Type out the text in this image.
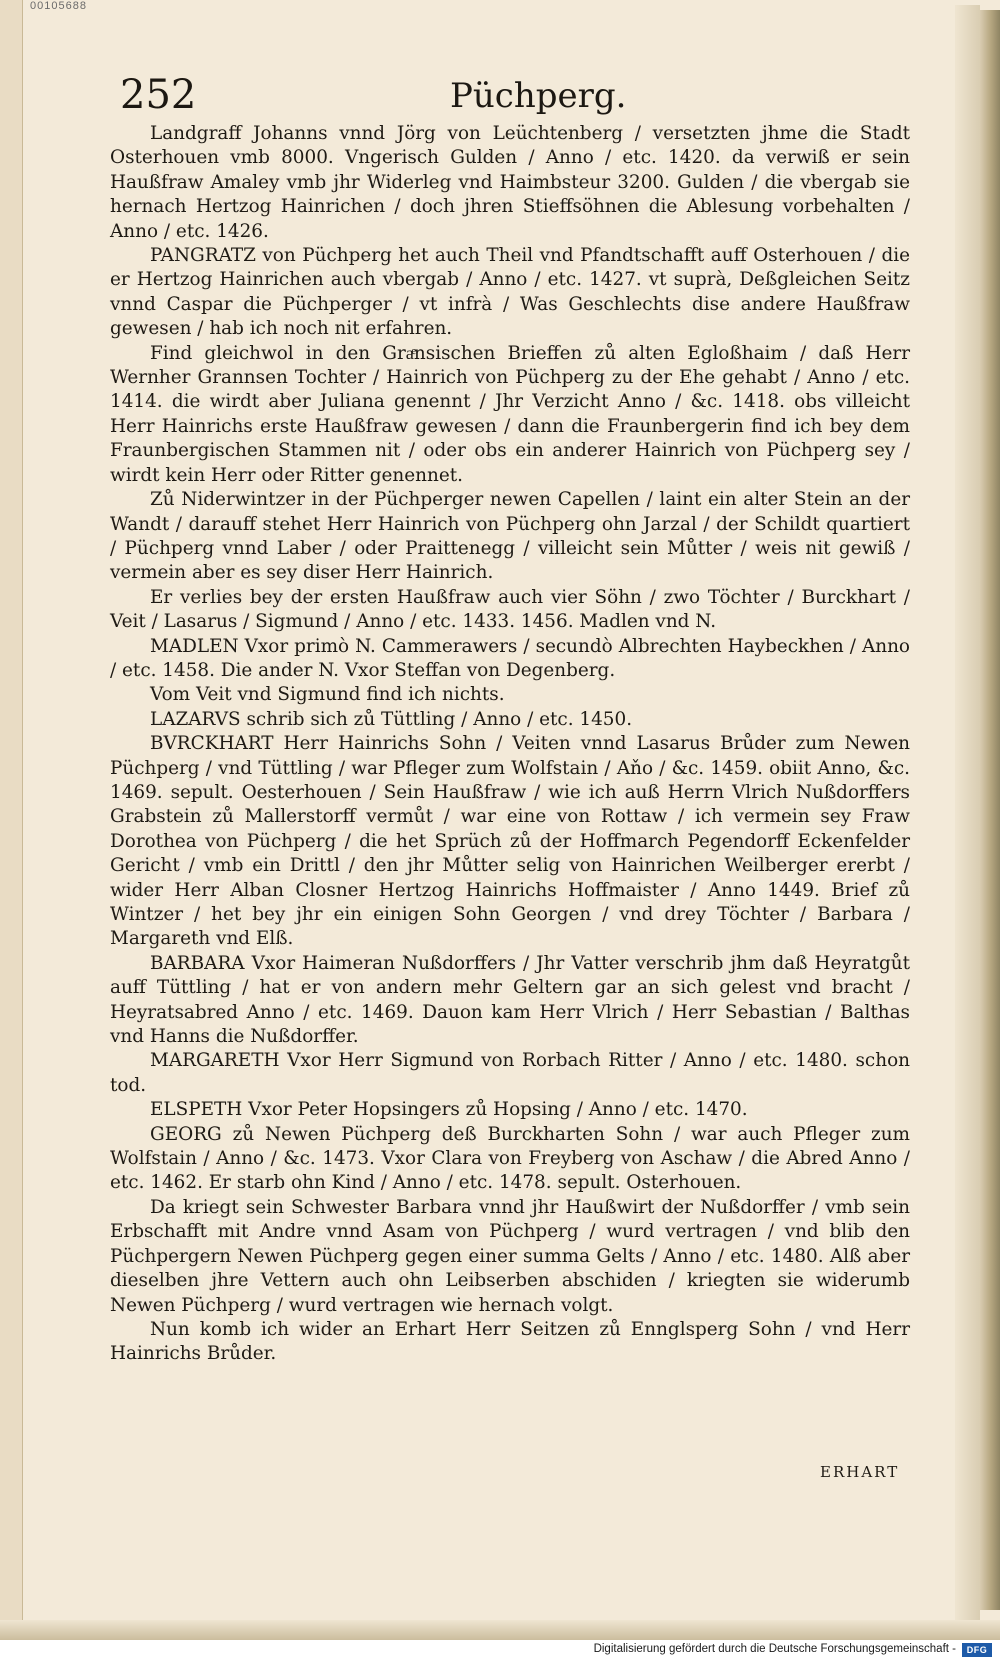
00105688
252	Püchperg.

Landgraff Johanns vnnd Jörg von Leüchtenberg / versetzten jhme die Stadt Osterhouen vmb 8000. Vngerisch Gulden / Anno / etc. 1420. da verwiß er sein Haußfraw Amaley vmb jhr Widerleg vnd Haimbsteur 3200. Gulden / die vbergab sie hernach Hertzog Hainrichen / doch jhren Stieffsöhnen die Ablesung vorbehalten / Anno / etc. 1426.

PANGRATZ von Püchperg het auch Theil vnd Pfandtschafft auff Osterhouen / die er Hertzog Hainrichen auch vbergab / Anno / etc. 1427. vt suprà, Deßgleichen Seitz vnnd Caspar die Püchperger / vt infrà / Was Geschlechts dise andere Haußfraw gewesen / hab ich noch nit erfahren.

Find gleichwol in den Graͤnsischen Brieffen zů alten Egloßhaim / daß Herr Wernher Grannsen Tochter / Hainrich von Püchperg zu der Ehe gehabt / Anno / etc. 1414. die wirdt aber Juliana genennt / Jhr Verzicht Anno / &c. 1418. obs villeicht Herr Hainrichs erste Haußfraw gewesen / dann die Fraunbergerin find ich bey dem Fraunbergischen Stammen nit / oder obs ein anderer Hainrich von Püchperg sey / wirdt kein Herr oder Ritter genennet.

Zů Niderwintzer in der Püchperger newen Capellen / laint ein alter Stein an der Wandt / darauff stehet Herr Hainrich von Püchperg ohn Jarzal / der Schildt quartiert / Püchperg vnnd Laber / oder Praittenegg / villeicht sein Můtter / weis nit gewiß / vermein aber es sey diser Herr Hainrich.

Er verlies bey der ersten Haußfraw auch vier Söhn / zwo Töchter / Burckhart / Veit / Lasarus / Sigmund / Anno / etc. 1433. 1456. Madlen vnd N.

MADLEN Vxor primò N. Cammerawers / secundò Albrechten Haybeckhen / Anno / etc. 1458. Die ander N. Vxor Steffan von Degenberg.

Vom Veit vnd Sigmund find ich nichts.

LAZARVS schrib sich zů Tüttling / Anno / etc. 1450.

BVRCKHART Herr Hainrichs Sohn / Veiten vnnd Lasarus Brůder zum Newen Püchperg / vnd Tüttling / war Pfleger zum Wolfstain / Aňo / &c. 1459. obiit Anno, &c. 1469. sepult. Oesterhouen / Sein Haußfraw / wie ich auß Herrn Vlrich Nußdorffers Grabstein zů Mallerstorff vermůt / war eine von Rottaw / ich vermein sey Fraw Dorothea von Püchperg / die het Sprüch zů der Hoffmarch Pegendorff Eckenfelder Gericht / vmb ein Drittl / den jhr Můtter selig von Hainrichen Weilberger ererbt / wider Herr Alban Closner Hertzog Hainrichs Hoffmaister / Anno 1449. Brief zů Wintzer / het bey jhr ein einigen Sohn Georgen / vnd drey Töchter / Barbara / Margareth vnd Elß.

BARBARA Vxor Haimeran Nußdorffers / Jhr Vatter verschrib jhm daß Heyratgůt auff Tüttling / hat er von andern mehr Geltern gar an sich gelest vnd bracht / Heyratsabred Anno / etc. 1469. Dauon kam Herr Vlrich / Herr Sebastian / Balthas vnd Hanns die Nußdorffer.

MARGARETH Vxor Herr Sigmund von Rorbach Ritter / Anno / etc. 1480. schon tod.

ELSPETH Vxor Peter Hopsingers zů Hopsing / Anno / etc. 1470.

GEORG zů Newen Püchperg deß Burckharten Sohn / war auch Pfleger zum Wolfstain / Anno / &c. 1473. Vxor Clara von Freyberg von Aschaw / die Abred Anno / etc. 1462. Er starb ohn Kind / Anno / etc. 1478. sepult. Osterhouen.

Da kriegt sein Schwester Barbara vnnd jhr Haußwirt der Nußdorffer / vmb sein Erbschafft mit Andre vnnd Asam von Püchperg / wurd vertragen / vnd blib den Püchpergern Newen Püchperg gegen einer summa Gelts / Anno / etc. 1480. Alß aber dieselben jhre Vettern auch ohn Leibserben abschiden / kriegten sie widerumb Newen Püchperg / wurd vertragen wie hernach volgt.

Nun komb ich wider an Erhart Herr Seitzen zů Ennglsperg Sohn / vnd Herr Hainrichs Brůder.

ERHART
Digitalisierung gefördert durch die Deutsche Forschungsgemeinschaft -	DFG
